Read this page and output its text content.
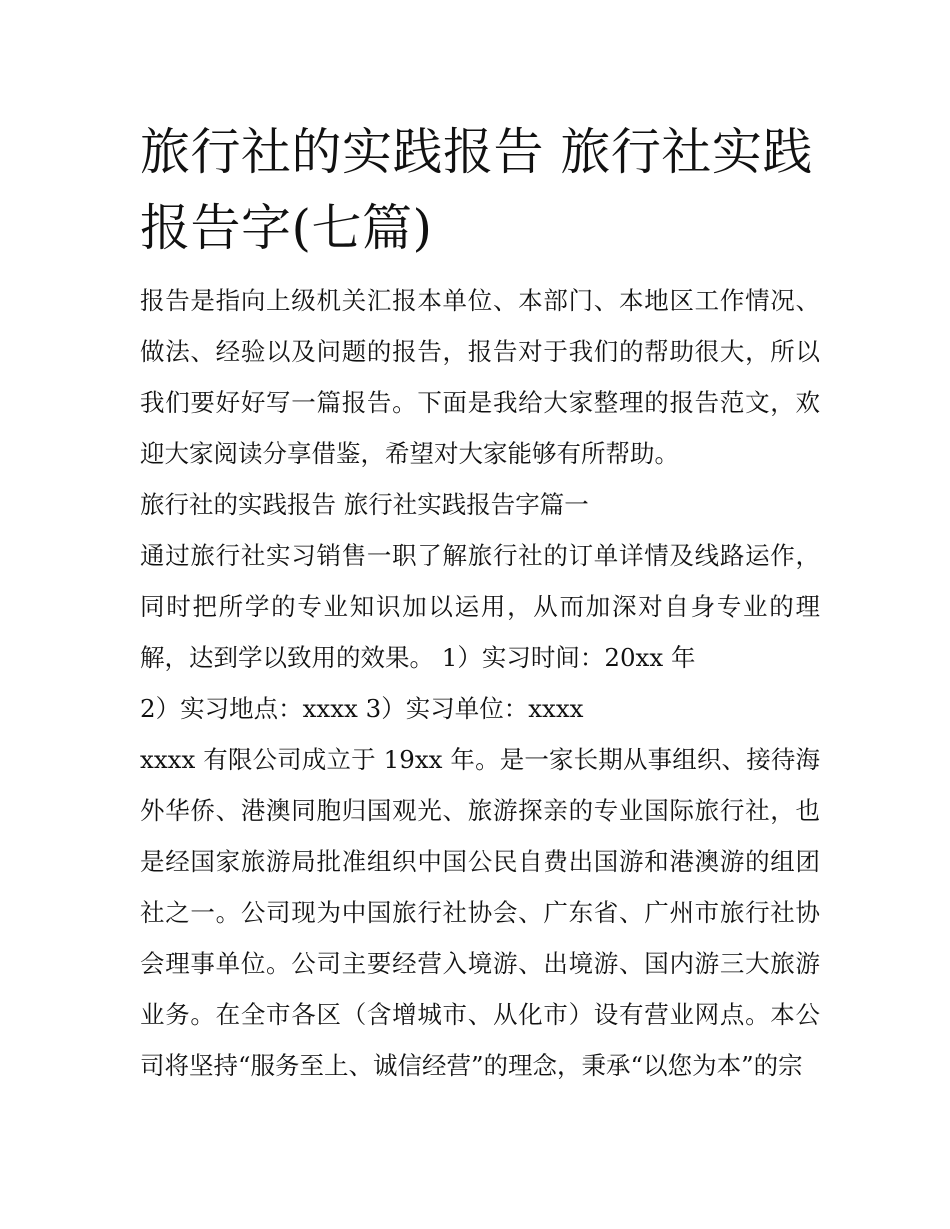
旅行社的实践报告 旅行社实践报告字(七篇)

报告是指向上级机关汇报本单位、本部门、本地区工作情况、做法、经验以及问题的报告，报告对于我们的帮助很大，所以我们要好好写一篇报告。下面是我给大家整理的报告范文，欢迎大家阅读分享借鉴，希望对大家能够有所帮助。

旅行社的实践报告 旅行社实践报告字篇一

通过旅行社实习销售一职了解旅行社的订单详情及线路运作，同时把所学的专业知识加以运用，从而加深对自身专业的理解，达到学以致用的效果。 1）实习时间：20xx 年

2）实习地点：xxxx 3）实习单位：xxxx

xxxx 有限公司成立于 19xx 年。是一家长期从事组织、接待海外华侨、港澳同胞归国观光、旅游探亲的专业国际旅行社，也是经国家旅游局批准组织中国公民自费出国游和港澳游的组团社之一。公司现为中国旅行社协会、广东省、广州市旅行社协会理事单位。公司主要经营入境游、出境游、国内游三大旅游业务。在全市各区（含增城市、从化市）设有营业网点。本公司将坚持“服务至上、诚信经营”的理念，秉承“以您为本”的宗
